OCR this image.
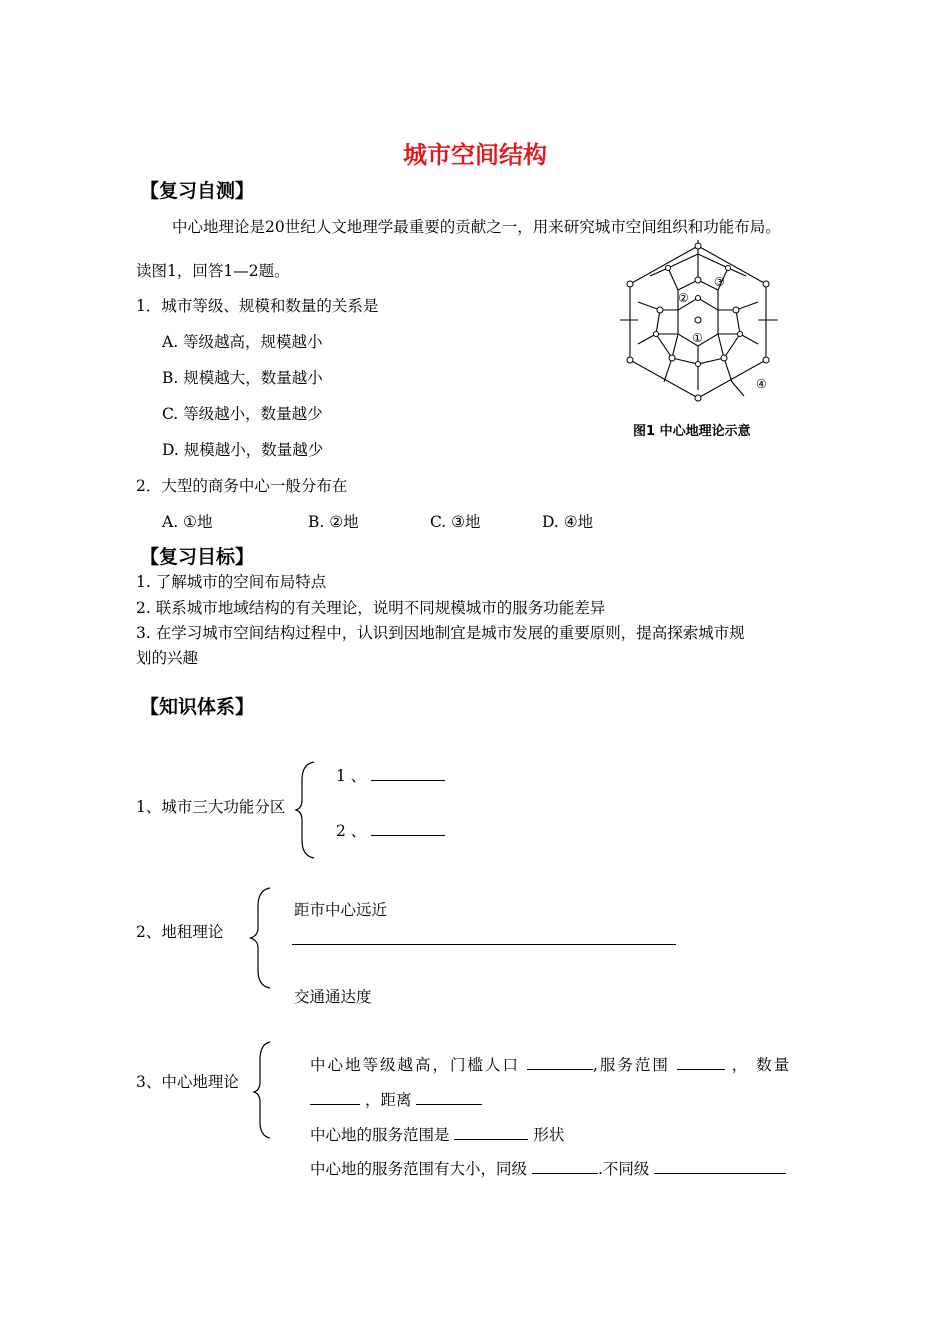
城市空间结构
【复习自测】
中心地理论是20世纪人文地理学最重要的贡献之一，用来研究城市空间组织和功能布局。
读图1，回答1—2题。
1．城市等级、规模和数量的关系是
A. 等级越高，规模越小
B. 规模越大，数量越小
C. 等级越小，数量越少
D. 规模越小，数量越少
2．大型的商务中心一般分布在
A. ①地	B. ②地	C. ③地	D. ④地
②
③
①
④
图1 中心地理论示意
【复习目标】
1. 了解城市的空间布局特点
2. 联系城市地域结构的有关理论，说明不同规模城市的服务功能差异
3. 在学习城市空间结构过程中，认识到因地制宜是城市发展的重要原则，提高探索城市规
划的兴趣
【知识体系】
1、城市三大功能分区
1 、
2 、
2、地租理论
距市中心远近
交通通达度
3、中心地理论
中心地等级越高，门槛人口	,服务范围	， 数量
，距离
中心地的服务范围是	形状
中心地的服务范围有大小，同级	.不同级
